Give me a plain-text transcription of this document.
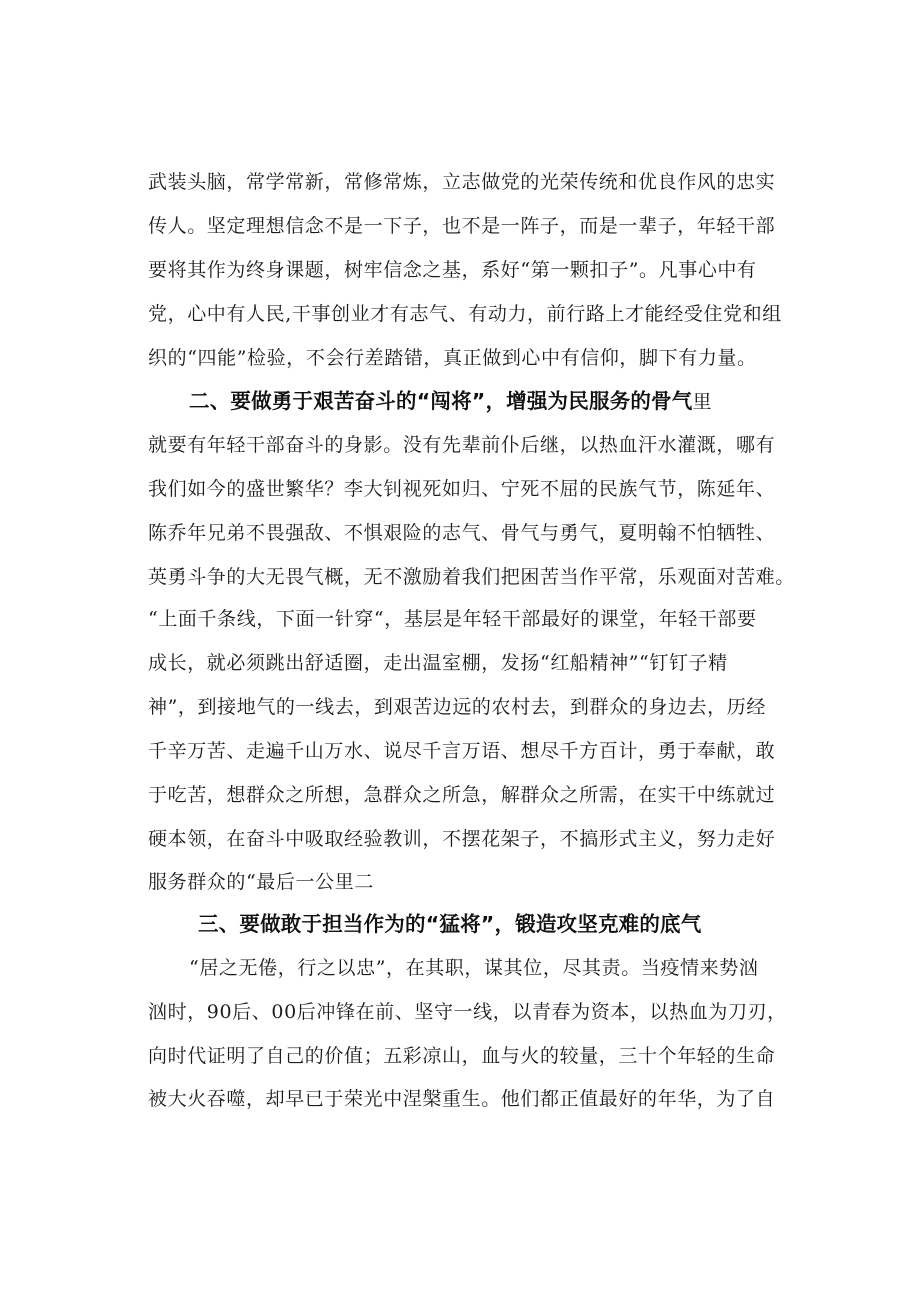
武装头脑，常学常新，常修常炼，立志做党的光荣传统和优良作风的忠实
传人。坚定理想信念不是一下子，也不是一阵子，而是一辈子，年轻干部
要将其作为终身课题，树牢信念之基，系好“第一颗扣子”。凡事心中有
党，心中有人民,干事创业才有志气、有动力，前行路上才能经受住党和组
织的“四能”检验，不会行差踏错，真正做到心中有信仰，脚下有力量。
二、要做勇于艰苦奋斗的“闯将”，增强为民服务的骨气里
就要有年轻干部奋斗的身影。没有先辈前仆后继，以热血汗水灌溉，哪有
我们如今的盛世繁华？李大钊视死如归、宁死不屈的民族气节，陈延年、
陈乔年兄弟不畏强敌、不惧艰险的志气、骨气与勇气，夏明翰不怕牺牲、
英勇斗争的大无畏气概，无不激励着我们把困苦当作平常，乐观面对苦难。
“上面千条线，下面一针穿“，基层是年轻干部最好的课堂，年轻干部要
成长，就必须跳出舒适圈，走出温室棚，发扬“红船精神”“钉钉子精
神”，到接地气的一线去，到艰苦边远的农村去，到群众的身边去，历经
千辛万苦、走遍千山万水、说尽千言万语、想尽千方百计，勇于奉献，敢
于吃苦，想群众之所想，急群众之所急，解群众之所需，在实干中练就过
硬本领，在奋斗中吸取经验教训，不摆花架子，不搞形式主义，努力走好
服务群众的“最后一公里二
三、要做敢于担当作为的“猛将”，锻造攻坚克难的底气
“居之无倦，行之以忠”，在其职，谋其位，尽其责。当疫情来势汹
汹时，90后、00后冲锋在前、坚守一线，以青春为资本，以热血为刀刃，
向时代证明了自己的价值；五彩凉山，血与火的较量，三十个年轻的生命
被大火吞噬，却早已于荣光中涅槃重生。他们都正值最好的年华，为了自
